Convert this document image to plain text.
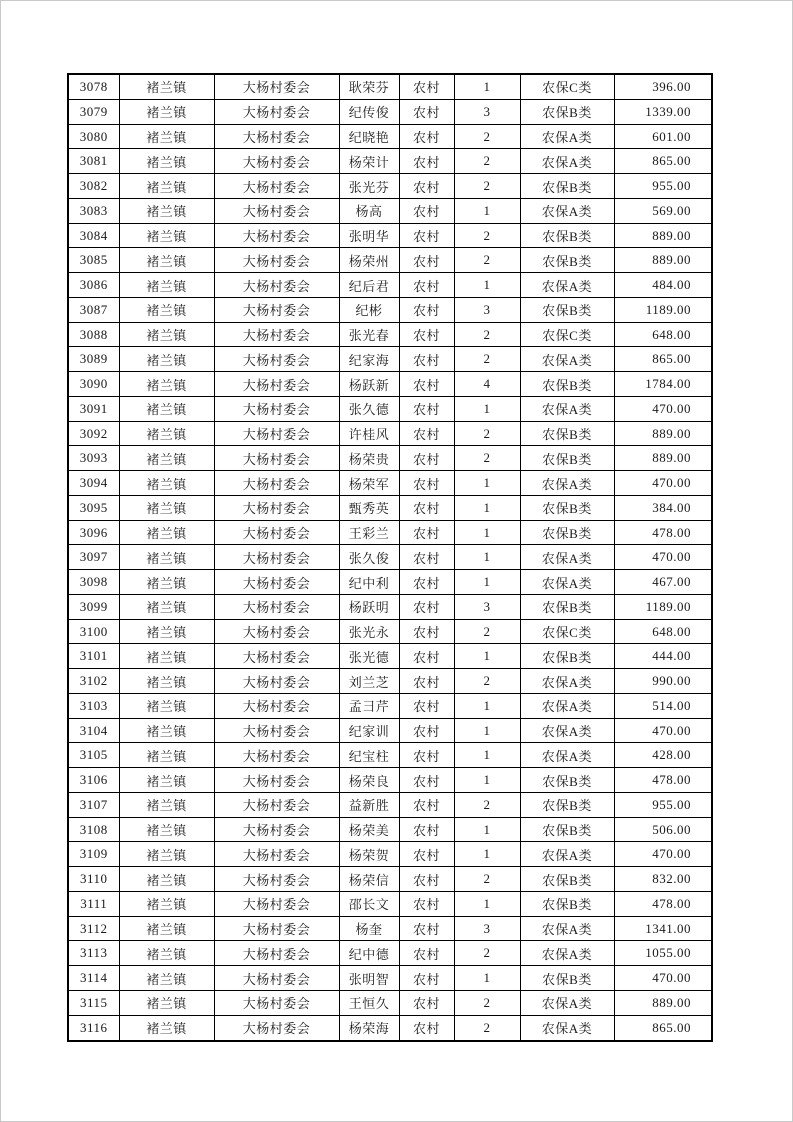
3078	褚兰镇	大杨村委会	耿荣芬	农村	1	农保C类	396.00
3079	褚兰镇	大杨村委会	纪传俊	农村	3	农保B类	1339.00
3080	褚兰镇	大杨村委会	纪晓艳	农村	2	农保A类	601.00
3081	褚兰镇	大杨村委会	杨荣计	农村	2	农保A类	865.00
3082	褚兰镇	大杨村委会	张光芬	农村	2	农保B类	955.00
3083	褚兰镇	大杨村委会	杨高	农村	1	农保A类	569.00
3084	褚兰镇	大杨村委会	张明华	农村	2	农保B类	889.00
3085	褚兰镇	大杨村委会	杨荣州	农村	2	农保B类	889.00
3086	褚兰镇	大杨村委会	纪后君	农村	1	农保A类	484.00
3087	褚兰镇	大杨村委会	纪彬	农村	3	农保B类	1189.00
3088	褚兰镇	大杨村委会	张光春	农村	2	农保C类	648.00
3089	褚兰镇	大杨村委会	纪家海	农村	2	农保A类	865.00
3090	褚兰镇	大杨村委会	杨跃新	农村	4	农保B类	1784.00
3091	褚兰镇	大杨村委会	张久德	农村	1	农保A类	470.00
3092	褚兰镇	大杨村委会	许桂风	农村	2	农保B类	889.00
3093	褚兰镇	大杨村委会	杨荣贵	农村	2	农保B类	889.00
3094	褚兰镇	大杨村委会	杨荣军	农村	1	农保A类	470.00
3095	褚兰镇	大杨村委会	甄秀英	农村	1	农保B类	384.00
3096	褚兰镇	大杨村委会	王彩兰	农村	1	农保B类	478.00
3097	褚兰镇	大杨村委会	张久俊	农村	1	农保A类	470.00
3098	褚兰镇	大杨村委会	纪中利	农村	1	农保A类	467.00
3099	褚兰镇	大杨村委会	杨跃明	农村	3	农保B类	1189.00
3100	褚兰镇	大杨村委会	张光永	农村	2	农保C类	648.00
3101	褚兰镇	大杨村委会	张光德	农村	1	农保B类	444.00
3102	褚兰镇	大杨村委会	刘兰芝	农村	2	农保A类	990.00
3103	褚兰镇	大杨村委会	孟彐芹	农村	1	农保A类	514.00
3104	褚兰镇	大杨村委会	纪家训	农村	1	农保A类	470.00
3105	褚兰镇	大杨村委会	纪宝柱	农村	1	农保A类	428.00
3106	褚兰镇	大杨村委会	杨荣良	农村	1	农保B类	478.00
3107	褚兰镇	大杨村委会	益新胜	农村	2	农保B类	955.00
3108	褚兰镇	大杨村委会	杨荣美	农村	1	农保B类	506.00
3109	褚兰镇	大杨村委会	杨荣贺	农村	1	农保A类	470.00
3110	褚兰镇	大杨村委会	杨荣信	农村	2	农保B类	832.00
3111	褚兰镇	大杨村委会	邵长文	农村	1	农保B类	478.00
3112	褚兰镇	大杨村委会	杨奎	农村	3	农保A类	1341.00
3113	褚兰镇	大杨村委会	纪中德	农村	2	农保A类	1055.00
3114	褚兰镇	大杨村委会	张明智	农村	1	农保B类	470.00
3115	褚兰镇	大杨村委会	王恒久	农村	2	农保A类	889.00
3116	褚兰镇	大杨村委会	杨荣海	农村	2	农保A类	865.00
